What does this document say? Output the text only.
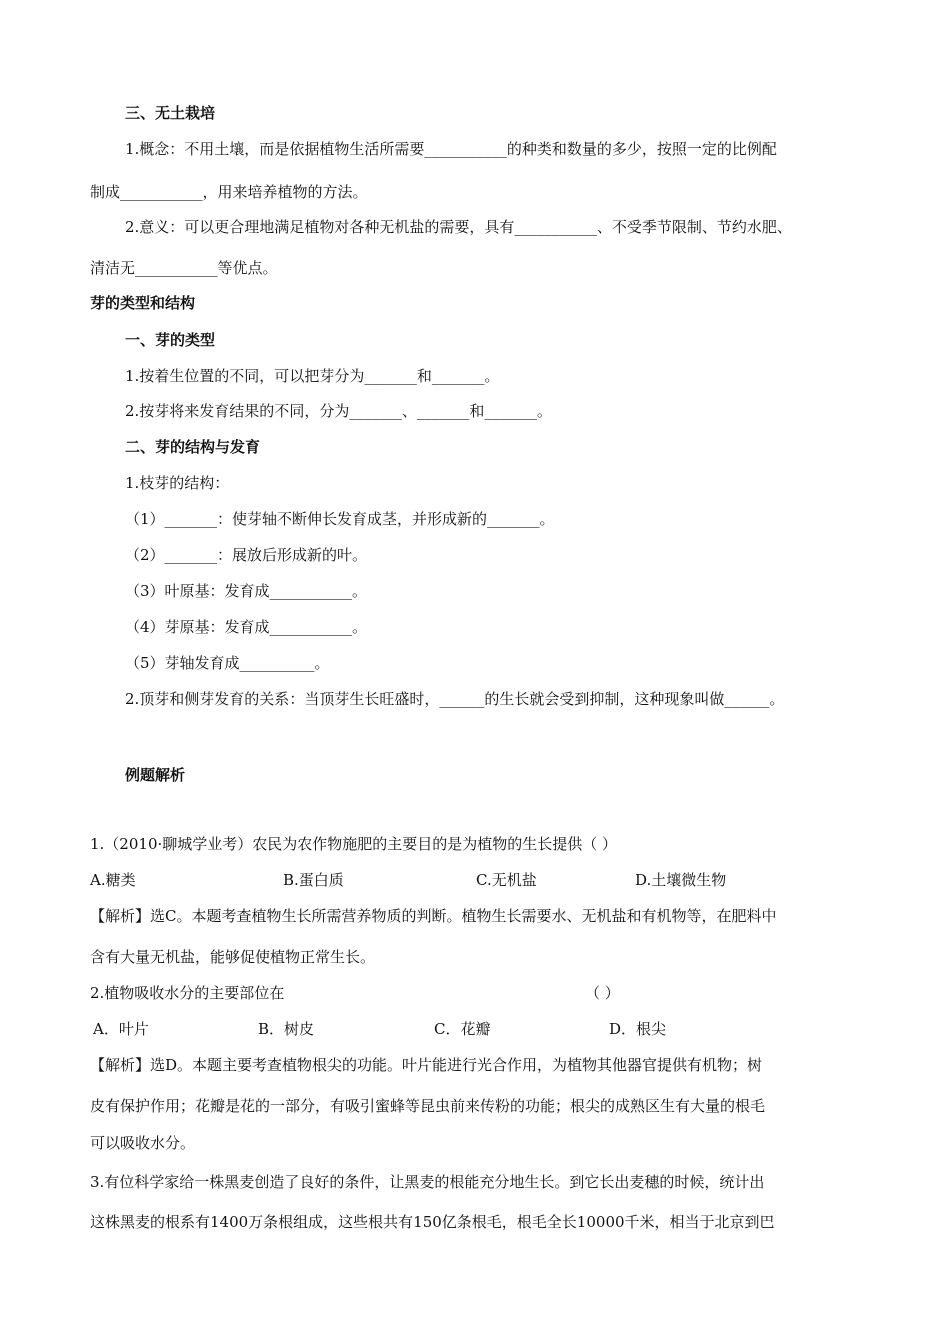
三、无土栽培
1.概念：不用土壤，而是依据植物生活所需要___________的种类和数量的多少，按照一定的比例配
制成___________，用来培养植物的方法。
2.意义：可以更合理地满足植物对各种无机盐的需要，具有___________、不受季节限制、节约水肥、
清洁无___________等优点。
芽的类型和结构
一、芽的类型
1.按着生位置的不同，可以把芽分为_______和_______。
2.按芽将来发育结果的不同，分为_______、_______和_______。
二、芽的结构与发育
1.枝芽的结构：
（1）_______：使芽轴不断伸长发育成茎，并形成新的_______。
（2）_______：展放后形成新的叶。
（3）叶原基：发育成___________。
（4）芽原基：发育成___________。
（5）芽轴发育成__________。
2.顶芽和侧芽发育的关系：当顶芽生长旺盛时，______的生长就会受到抑制，这种现象叫做______。
例题解析
1.（2010·聊城学业考）农民为农作物施肥的主要目的是为植物的生长提供（ ）
A.糖类	B.蛋白质	C.无机盐	D.土壤微生物
【解析】选C。本题考查植物生长所需营养物质的判断。植物生长需要水、无机盐和有机物等，在肥料中
含有大量无机盐，能够促使植物正常生长。
2.植物吸收水分的主要部位在	（ ）
A．叶片	B．树皮	C．花瓣	D．根尖
【解析】选D。本题主要考查植物根尖的功能。叶片能进行光合作用，为植物其他器官提供有机物；树
皮有保护作用；花瓣是花的一部分，有吸引蜜蜂等昆虫前来传粉的功能；根尖的成熟区生有大量的根毛
可以吸收水分。
3.有位科学家给一株黑麦创造了良好的条件，让黑麦的根能充分地生长。到它长出麦穗的时候，统计出
这株黑麦的根系有1400万条根组成，这些根共有150亿条根毛，根毛全长10000千米，相当于北京到巴
